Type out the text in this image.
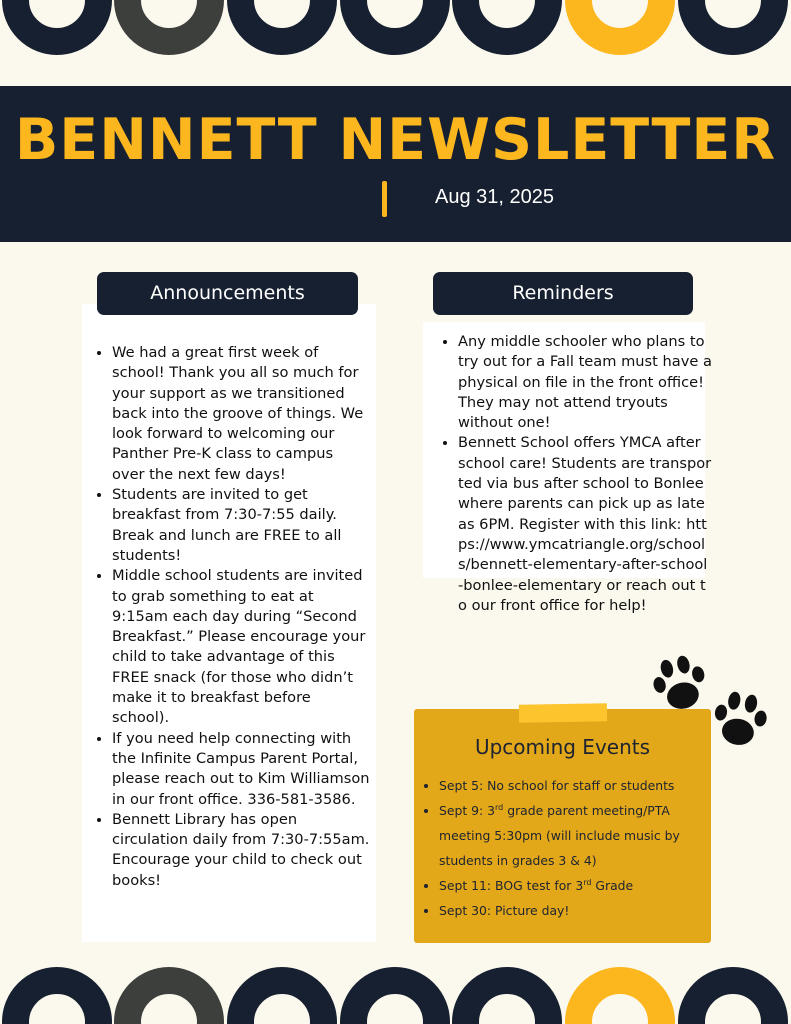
BENNETT NEWSLETTER
Aug 31, 2025
Announcements
• We had a great first week of school! Thank you all so much for your support as we transitioned back into the groove of things. We look forward to welcoming our Panther Pre-K class to campus over the next few days!
• Students are invited to get breakfast from 7:30-7:55 daily. Break and lunch are FREE to all students!
• Middle school students are invited to grab something to eat at 9:15am each day during “Second Breakfast.” Please encourage your child to take advantage of this FREE snack (for those who didn’t make it to breakfast before school).
• If you need help connecting with the Infinite Campus Parent Portal, please reach out to Kim Williamson in our front office. 336-581-3586.
• Bennett Library has open circulation daily from 7:30-7:55am. Encourage your child to check out books!
Reminders
• Any middle schooler who plans to try out for a Fall team must have a physical on file in the front office! They may not attend tryouts without one!
• Bennett School offers YMCA after school care! Students are transported via bus after school to Bonlee where parents can pick up as late as 6PM. Register with this link: https://www.ymcatriangle.org/schools/bennett-elementary-after-school-bonlee-elementary or reach out to our front office for help!
Upcoming Events
• Sept 5: No school for staff or students
• Sept 9: 3rd grade parent meeting/PTA meeting 5:30pm (will include music by students in grades 3 & 4)
• Sept 11: BOG test for 3rd Grade
• Sept 30: Picture day!
